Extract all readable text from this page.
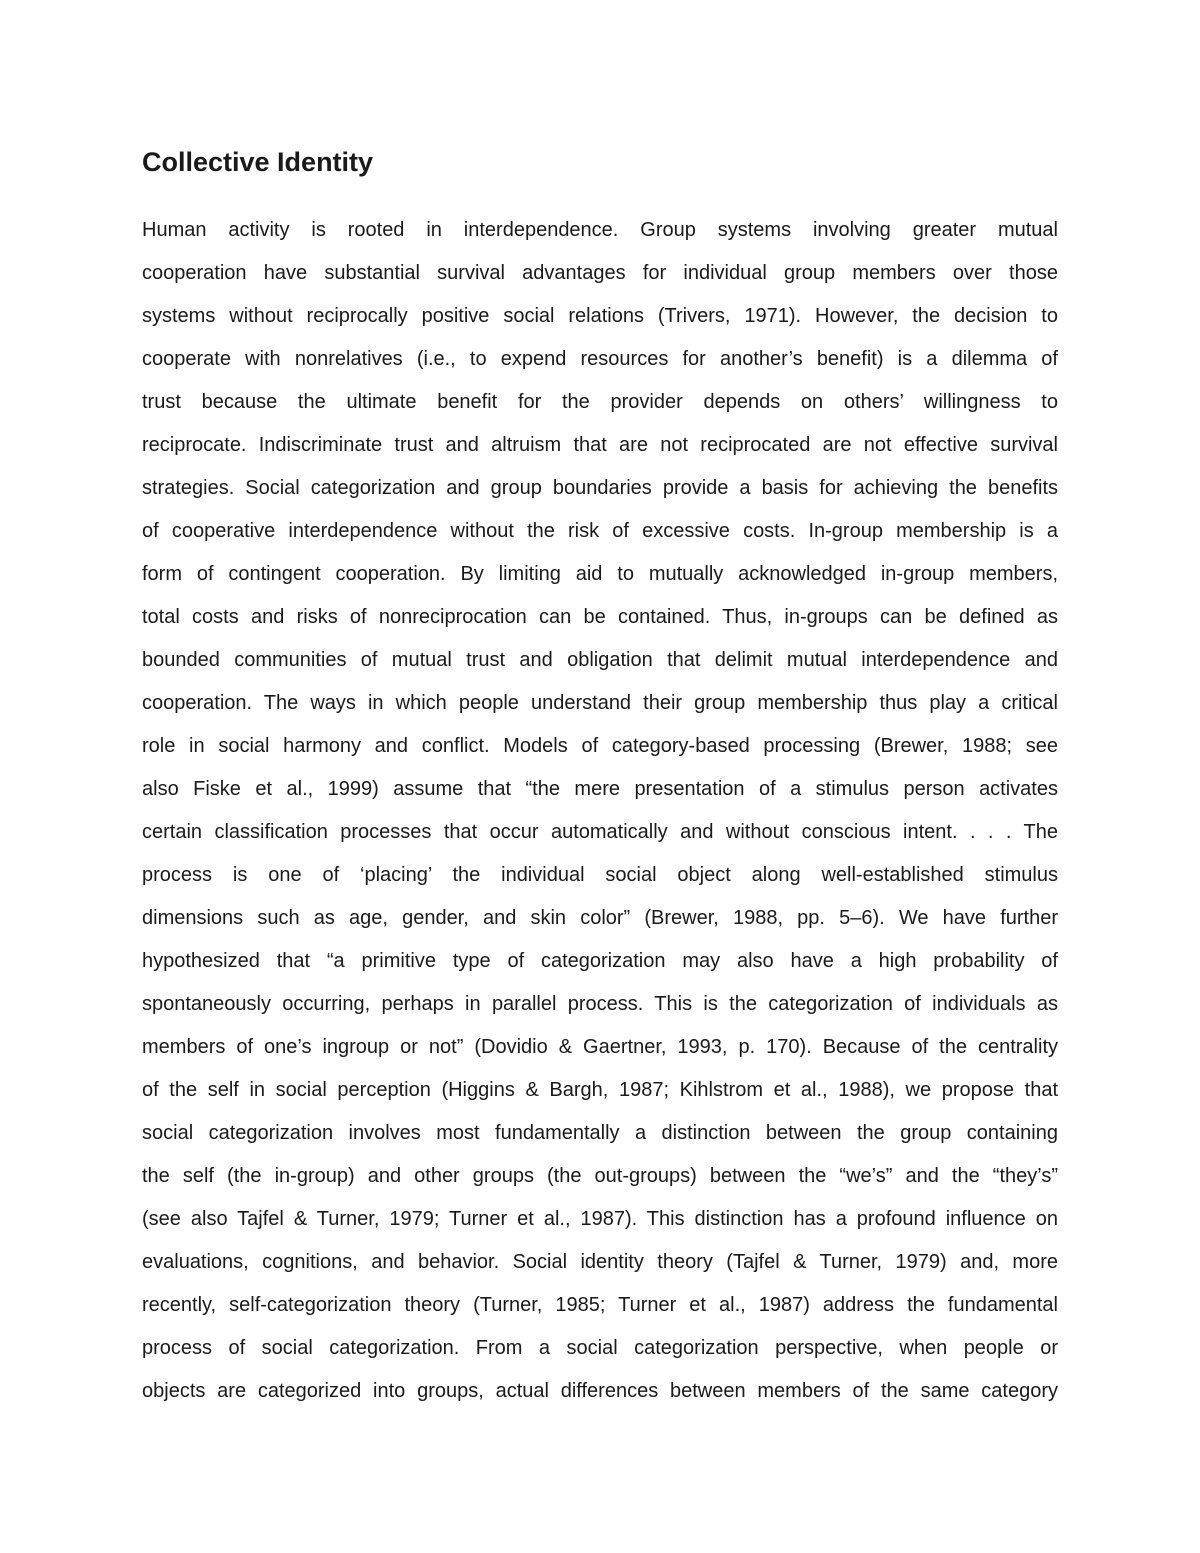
Collective Identity
Human activity is rooted in interdependence. Group systems involving greater mutual
cooperation have substantial survival advantages for individual group members over those
systems without reciprocally positive social relations (Trivers, 1971). However, the decision to
cooperate with nonrelatives (i.e., to expend resources for another’s benefit) is a dilemma of
trust because the ultimate benefit for the provider depends on others’ willingness to
reciprocate. Indiscriminate trust and altruism that are not reciprocated are not effective survival
strategies. Social categorization and group boundaries provide a basis for achieving the benefits
of cooperative interdependence without the risk of excessive costs. In-group membership is a
form of contingent cooperation. By limiting aid to mutually acknowledged in-group members,
total costs and risks of nonreciprocation can be contained. Thus, in-groups can be defined as
bounded communities of mutual trust and obligation that delimit mutual interdependence and
cooperation. The ways in which people understand their group membership thus play a critical
role in social harmony and conflict. Models of category-based processing (Brewer, 1988; see
also Fiske et al., 1999) assume that “the mere presentation of a stimulus person activates
certain classification processes that occur automatically and without conscious intent. . . . The
process is one of ‘placing’ the individual social object along well-established stimulus
dimensions such as age, gender, and skin color” (Brewer, 1988, pp. 5–6). We have further
hypothesized that “a primitive type of categorization may also have a high probability of
spontaneously occurring, perhaps in parallel process. This is the categorization of individuals as
members of one’s ingroup or not” (Dovidio & Gaertner, 1993, p. 170). Because of the centrality
of the self in social perception (Higgins & Bargh, 1987; Kihlstrom et al., 1988), we propose that
social categorization involves most fundamentally a distinction between the group containing
the self (the in-group) and other groups (the out-groups) between the “we’s” and the “they’s”
(see also Tajfel & Turner, 1979; Turner et al., 1987). This distinction has a profound influence on
evaluations, cognitions, and behavior. Social identity theory (Tajfel & Turner, 1979) and, more
recently, self-categorization theory (Turner, 1985; Turner et al., 1987) address the fundamental
process of social categorization. From a social categorization perspective, when people or
objects are categorized into groups, actual differences between members of the same category
